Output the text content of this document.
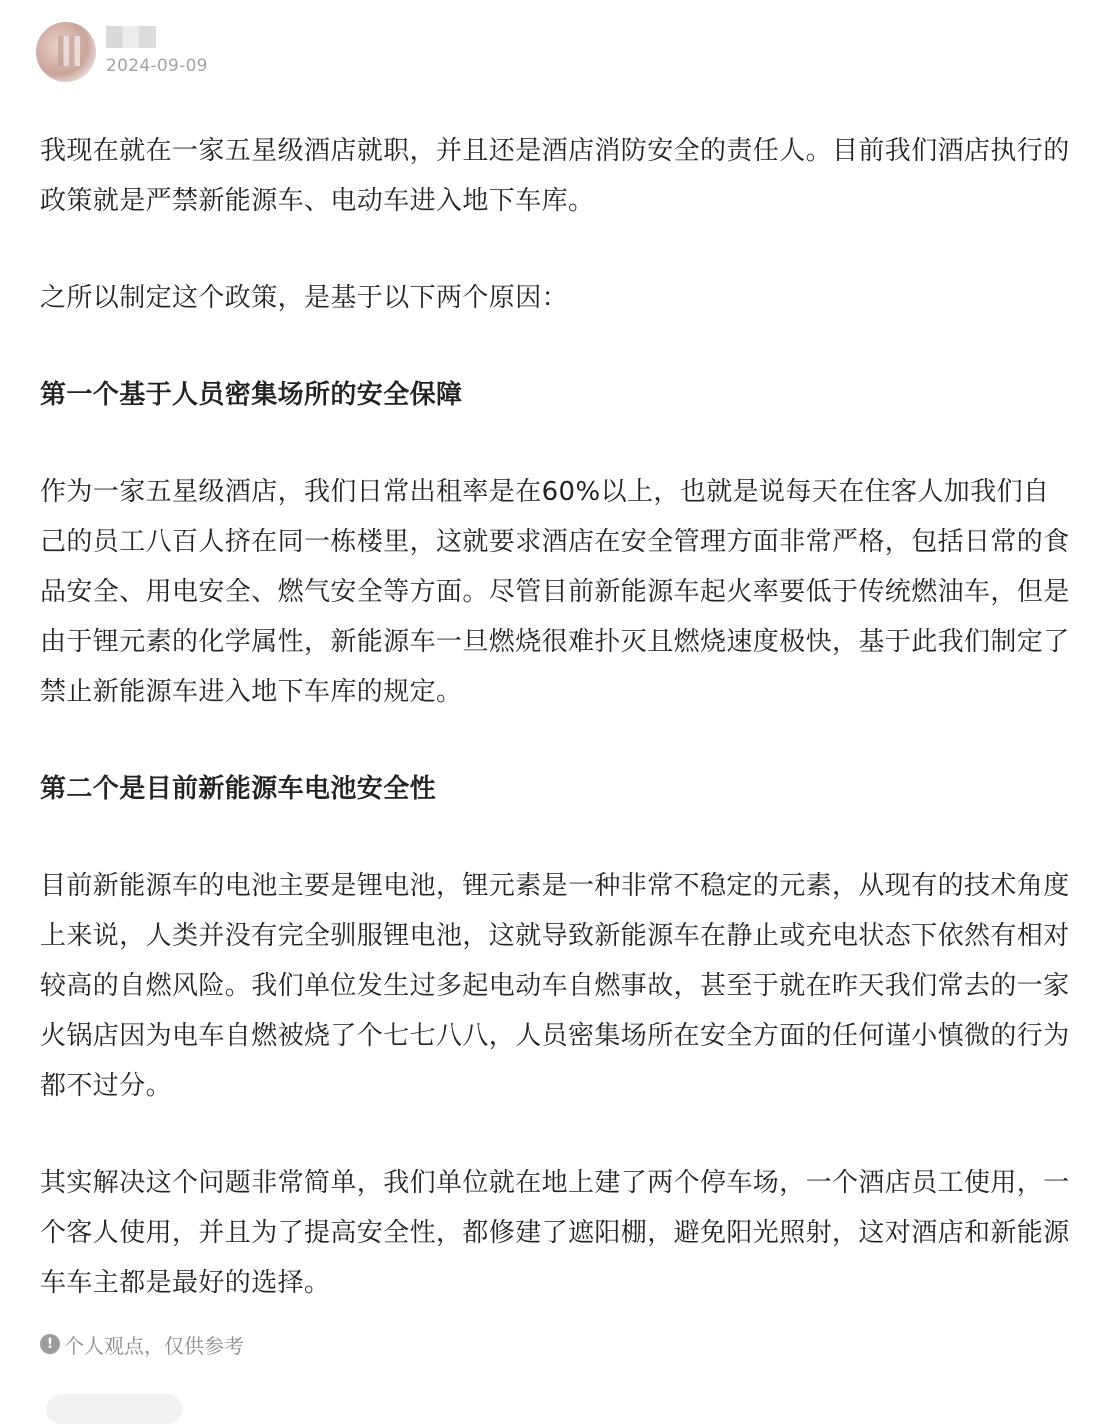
2024-09-09

我现在就在一家五星级酒店就职，并且还是酒店消防安全的责任人。目前我们酒店执行的政策就是严禁新能源车、电动车进入地下车库。

之所以制定这个政策，是基于以下两个原因：

第一个基于人员密集场所的安全保障

作为一家五星级酒店，我们日常出租率是在60%以上，也就是说每天在住客人加我们自己的员工八百人挤在同一栋楼里，这就要求酒店在安全管理方面非常严格，包括日常的食品安全、用电安全、燃气安全等方面。尽管目前新能源车起火率要低于传统燃油车，但是由于锂元素的化学属性，新能源车一旦燃烧很难扑灭且燃烧速度极快，基于此我们制定了禁止新能源车进入地下车库的规定。

第二个是目前新能源车电池安全性

目前新能源车的电池主要是锂电池，锂元素是一种非常不稳定的元素，从现有的技术角度上来说，人类并没有完全驯服锂电池，这就导致新能源车在静止或充电状态下依然有相对较高的自燃风险。我们单位发生过多起电动车自燃事故，甚至于就在昨天我们常去的一家火锅店因为电车自燃被烧了个七七八八，人员密集场所在安全方面的任何谨小慎微的行为都不过分。

其实解决这个问题非常简单，我们单位就在地上建了两个停车场，一个酒店员工使用，一个客人使用，并且为了提高安全性，都修建了遮阳棚，避免阳光照射，这对酒店和新能源车车主都是最好的选择。

! 个人观点，仅供参考
